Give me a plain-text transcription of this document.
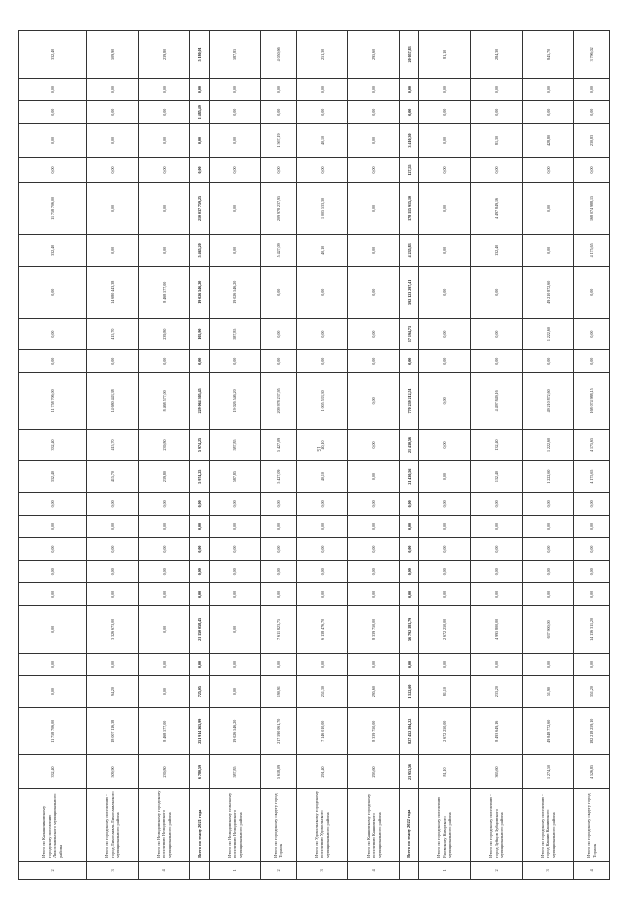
15
2	Итого по Калашниковскому городскому поселению Лихославльского муниципального района	332,40	11 758 706,00	0,00	0,00	0,00	0,00	0,00	0,00	0,00	0,00	332,40	332,40	11 758 706,00	0,00	0,00	0,00	332,40	11 758 706,00	0,00	0,00	0,00	0,00	332,40
3	Итого по городскому поселению - город Лихославль Лихославльского муниципального района	509,90	18 007 116,38	94,20	0,00	3 326 673,00	0,00	0,00	0,00	0,00	0,00	415,70	415,70	14 680 443,38	0,00	415,70	14 680 443,38	0,00	0,00	0,00	0,00	0,00	0,00	509,90
4	Итого по Нелидовскому городскому поселению Нелидовского муниципального района	239,80	8 468 577,00	0,00	0,00	0,00	0,00	0,00	0,00	0,00	0,00	239,80	239,80	8 468 577,00	0,00	239,80	8 468 577,00	0,00	0,00	0,00	0,00	0,00	0,00	239,80
	Всего по этапу 2021 года	6 780,59	251 914 365,99	725,05	0,00	21 150 058,45	0,00	0,00	0,00	0,00	0,00	5 974,25	5 974,25	229 064 305,45	0,00	105,90	19 026 546,20	5 465,20	210 037 759,25	0,00	0,00	1 485,49	0,00	5 180,01
1	Итого по Нелидовскому сельскому поселению Нелидовского муниципального района	587,85	19 026 546,20	0,00	0,00	0,00	0,00	0,00	0,00	0,00	0,00	587,85	587,85	19 026 546,20	0,00	587,85	19 026 546,20	0,00	0,00	0,00	0,00	0,00	0,00	587,85
2	Итого по городскому округу город Торжок	5 618,09	217 590 061,70	190,91	0,00	7 611 823,75	0,00	0,00	0,00	0,00	0,00	5 427,09	5 427,09	209 978 237,95	0,00	0,00	0,00	5 427,09	209 978 237,95	0,00	1 567,19	0,00	0,00	4 050,66
3	Итого по Удомельскому городскому поселению Удомельского муниципального района	291,40	7 146 010,00	251,30	0,00	6 138 476,70	0,00	0,00	0,00	0,00	0,00	40,10	40,10	1 005 533,30	0,00	0,00	0,00	40,10	1 005 533,30	0,00	40,10	0,00	0,00	251,30
4	Итого по Кашинскому городскому поселению Кашинского муниципального района	295,60	8 339 750,00	295,60	0,00	8 339 750,00	0,00	0,00	0,00	0,00	0,00	0,00	0,00	0,00	0,00	0,00	0,00	0,00	0,00	0,00	0,00	0,00	0,00	295,60
	Всего по этапу 2022 года	23 953,56	827 452 394,22	1 522,60	0,00	56 792 181,79	0,00	0,00	0,00	0,00	0,00	21 430,56	21 430,56	770 239 212,51	0,00	17 194,73	592 123 297,41	4 235,83	178 115 915,10	127,55	3 410,30	0,00	0,00	20 057,83
1	Итого по городскому поселению Ржевскому Кимрского муниципального района	81,10	2 672 250,00	81,10	0,00	2 672 250,00	0,00	0,00	0,00	0,00	0,00	0,00	0,00	0,00	0,00	0,00	0,00	0,00	0,00	0,00	0,00	0,00	0,00	81,10
2	Итого по городскому поселению - город Зубцов Зубцовского муниципального района	365,60	8 493 649,16	233,20	0,00	4 995 800,00	0,00	0,00	0,00	0,00	0,00	132,40	132,40	4 497 849,16	0,00	0,00	0,00	132,40	4 497 849,16	0,00	81,30	0,00	0,00	284,30
3	Итого по городскому поселению - город Кашин Кашинского муниципального района	1 274,50	49 848 772,60	51,90	0,00	637 900,00	0,00	0,00	0,00	0,00	0,00	1 222,60	1 222,60	49 210 872,60	0,00	1 222,60	49 210 872,60	0,00	0,00	0,00	428,80	0,00	0,00	845,70
4	Итого по городскому округу город Торжок	4 526,85	182 218 259,10	351,20	0,00	14 136 311,20	0,00	0,00	0,00	0,00	0,00	4 175,65	4 175,65	168 074 988,15	0,00	0,00	0,00	4 175,65	168 074 988,15	0,00	230,83	0,00	0,00	3 796,02
